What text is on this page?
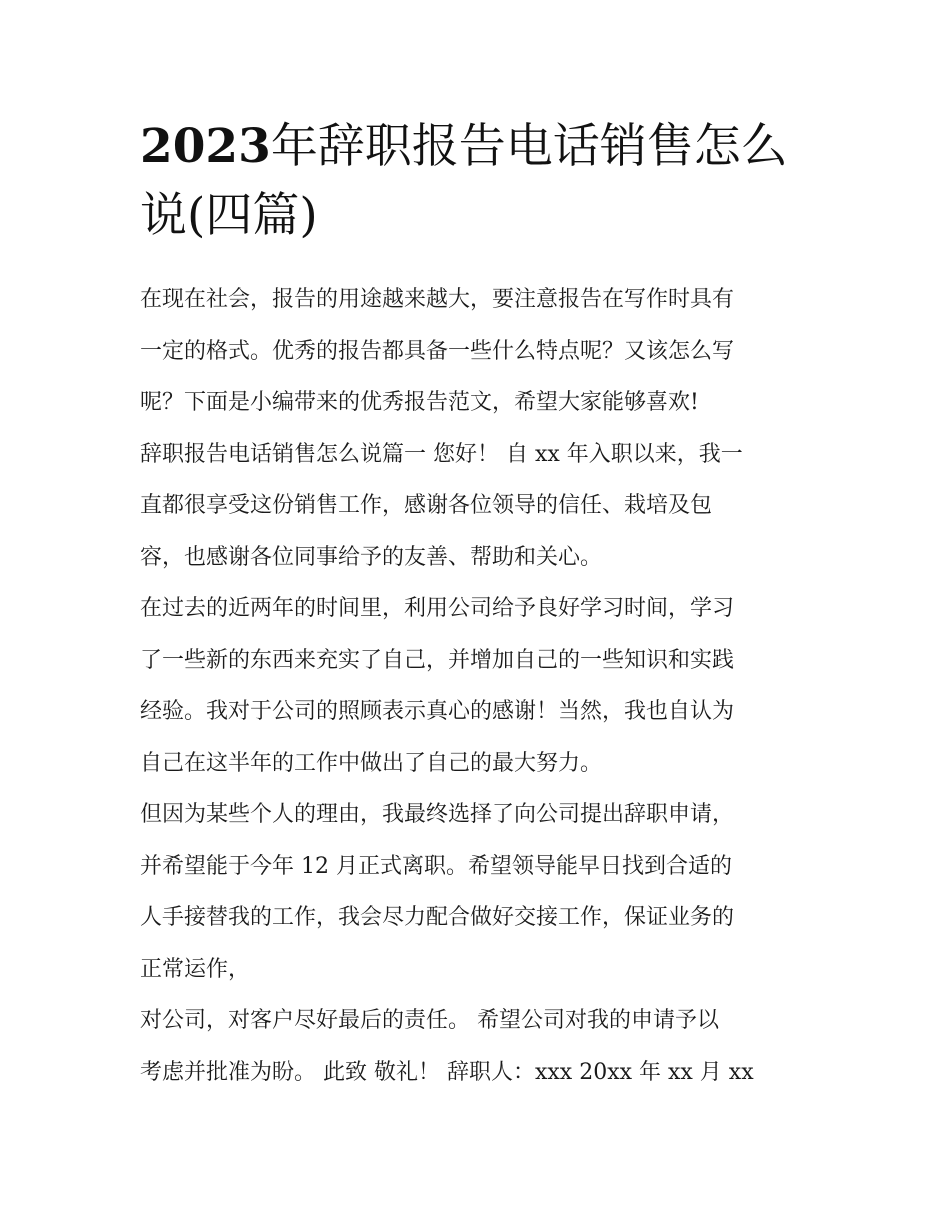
2023年辞职报告电话销售怎么
说(四篇)
在现在社会，报告的用途越来越大，要注意报告在写作时具有
一定的格式。优秀的报告都具备一些什么特点呢？又该怎么写
呢？下面是小编带来的优秀报告范文，希望大家能够喜欢!
辞职报告电话销售怎么说篇一 您好！ 自 xx 年入职以来，我一
直都很享受这份销售工作，感谢各位领导的信任、栽培及包
容，也感谢各位同事给予的友善、帮助和关心。
在过去的近两年的时间里，利用公司给予良好学习时间，学习
了一些新的东西来充实了自己，并增加自己的一些知识和实践
经验。我对于公司的照顾表示真心的感谢！当然，我也自认为
自己在这半年的工作中做出了自己的最大努力。
但因为某些个人的理由，我最终选择了向公司提出辞职申请，
并希望能于今年 12 月正式离职。希望领导能早日找到合适的
人手接替我的工作，我会尽力配合做好交接工作，保证业务的
正常运作，
对公司，对客户尽好最后的责任。 希望公司对我的申请予以
考虑并批准为盼。 此致 敬礼！ 辞职人：xxx 20xx 年 xx 月 xx
